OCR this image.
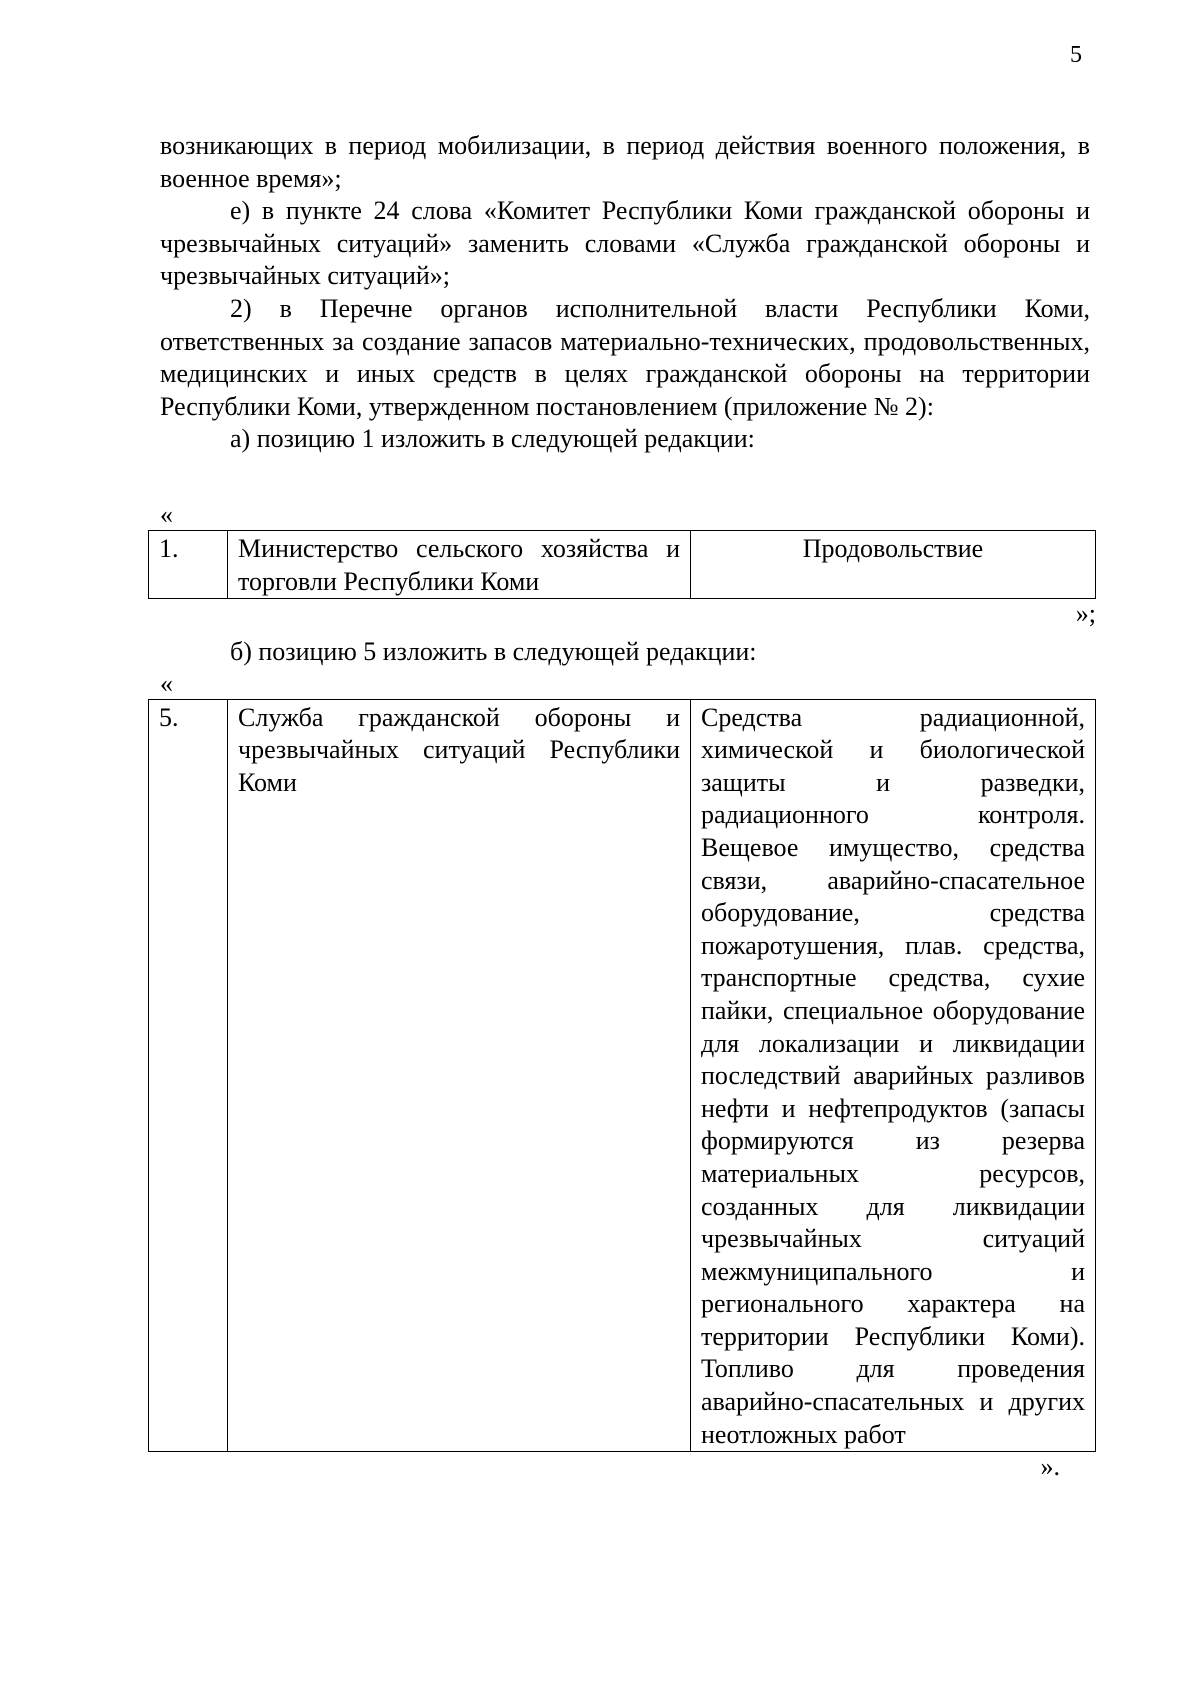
5

возникающих в период мобилизации, в период действия военного положения, в военное время»;

е) в пункте 24 слова «Комитет Республики Коми гражданской обороны и чрезвычайных ситуаций» заменить словами «Служба гражданской обороны и чрезвычайных ситуаций»;

2) в Перечне органов исполнительной власти Республики Коми, ответственных за создание запасов материально-технических, продовольственных, медицинских и иных средств в целях гражданской обороны на территории Республики Коми, утвержденном постановлением (приложение № 2):

а) позицию 1 изложить в следующей редакции:

«

1.	Министерство сельского хозяйства и торговли Республики Коми	Продовольствие

»;

б) позицию 5 изложить в следующей редакции:

«

5.	Служба гражданской обороны и чрезвычайных ситуаций Республики Коми	Средства радиационной, химической и биологической защиты и разведки, радиационного контроля. Вещевое имущество, средства связи, аварийно-спасательное оборудование, средства пожаротушения, плав. средства, транспортные средства, сухие пайки, специальное оборудование для локализации и ликвидации последствий аварийных разливов нефти и нефтепродуктов (запасы формируются из резерва материальных ресурсов, созданных для ликвидации чрезвычайных ситуаций межмуниципального и регионального характера на территории Республики Коми). Топливо для проведения аварийно-спасательных и других неотложных работ

».
